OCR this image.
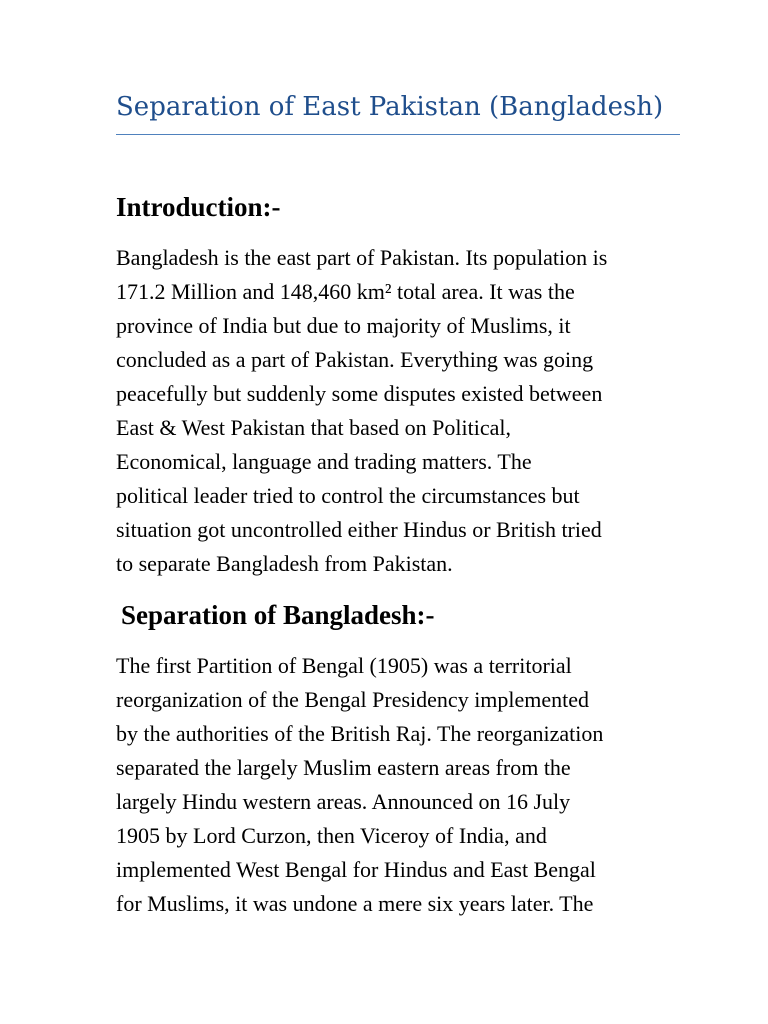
Separation of East Pakistan (Bangladesh)
Introduction:-
Bangladesh is the east part of Pakistan. Its population is
171.2 Million and 148,460 km² total area. It was the
province of India but due to majority of Muslims, it
concluded as a part of Pakistan. Everything was going
peacefully but suddenly some disputes existed between
East & West Pakistan that based on Political,
Economical, language and trading matters. The
political leader tried to control the circumstances but
situation got uncontrolled either Hindus or British tried
to separate Bangladesh from Pakistan.
Separation of Bangladesh:-
The first Partition of Bengal (1905) was a territorial
reorganization of the Bengal Presidency implemented
by the authorities of the British Raj. The reorganization
separated the largely Muslim eastern areas from the
largely Hindu western areas. Announced on 16 July
1905 by Lord Curzon, then Viceroy of India, and
implemented West Bengal for Hindus and East Bengal
for Muslims, it was undone a mere six years later. The
